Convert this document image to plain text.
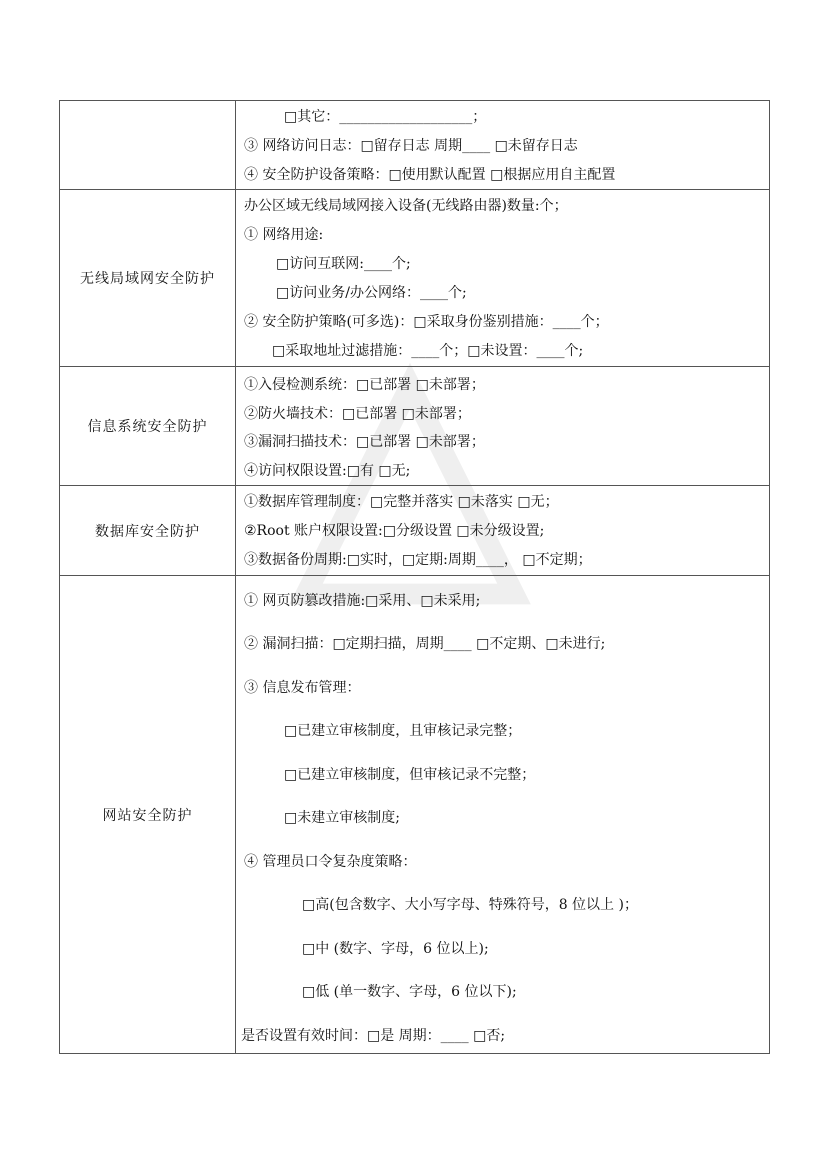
□其它：___________________；
③ 网络访问日志：□留存日志 周期____ □未留存日志
④ 安全防护设备策略：□使用默认配置 □根据应用自主配置
无线局域网安全防护
办公区域无线局域网接入设备(无线路由器)数量:个；
① 网络用途:
□访问互联网:____个;
□访问业务/办公网络：____个;
② 安全防护策略(可多选)：□采取身份鉴别措施：____个；
□采取地址过滤措施：____个；□未设置：____个;
信息系统安全防护
①入侵检测系统：□已部署 □未部署；
②防火墙技术：□已部署 □未部署；
③漏洞扫描技术：□已部署 □未部署；
④访问权限设置:□有 □无;
数据库安全防护
①数据库管理制度：□完整并落实 □未落实 □无；
②Root 账户权限设置:□分级设置 □未分级设置;
③数据备份周期:□实时，□定期:周期____， □不定期；
网站安全防护
① 网页防篡改措施:□采用、□未采用;
② 漏洞扫描：□定期扫描，周期____ □不定期、□未进行;
③ 信息发布管理：
□已建立审核制度，且审核记录完整；
□已建立审核制度，但审核记录不完整；
□未建立审核制度;
④ 管理员口令复杂度策略：
□高(包含数字、大小写字母、特殊符号，8 位以上 )；
□中 (数字、字母，6 位以上);
□低 (单一数字、字母，6 位以下);
是否设置有效时间：□是 周期：____ □否;
